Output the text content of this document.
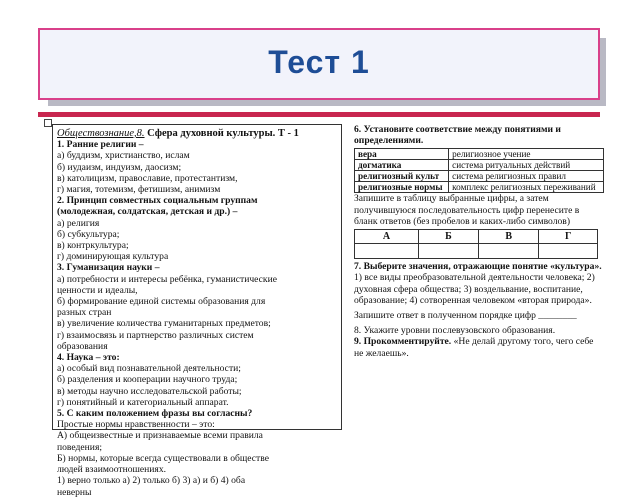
Тест 1
Обществознание,8. Сфера духовной культуры. Т - 1
1. Ранние религии –
а) буддизм, христианство, ислам
б) иудаизм, индуизм, даосизм;
в) католицизм, православие, протестантизм,
г) магия, тотемизм, фетишизм, анимизм
2. Принцип совместных социальным группам
(молодежная, солдатская, детская и др.) –
а) религия
б) субкультура;
в) контркультура;
г) доминирующая культура
3. Гуманизация науки –
а) потребности и интересы ребёнка, гуманистические
ценности и идеалы,
б) формирование единой системы образования для
разных стран
в) увеличение количества гуманитарных предметов;
г) взаимосвязь и партнерство различных систем
образования
4. Наука – это:
а) особый вид познавательной деятельности;
б) разделения и кооперации научного труда;
в) методы научно исследовательской работы;
г) понятийный и категориальный аппарат.
5. С каким положением фразы вы согласны?
Простые нормы нравственности – это:
А) общеизвестные и признаваемые всеми правила
поведения;
Б) нормы, которые всегда существовали в обществе
людей взаимоотношениях.
1) верно только а) 2) только б) 3) а) и б) 4) оба
неверны
6. Установите соответствие между понятиями и определениями.
вера	религиозное учение
догматика	система ритуальных действий
религиозный культ	система религиозных правил
религиозные нормы	комплекс религиозных переживаний
Запишите в таблицу выбранные цифры, а затем получившуюся последовательность цифр перенесите в бланк ответов (без пробелов и каких-либо символов)
А	Б	В	Г

7. Выберите значения, отражающие понятие «культура».
1) все виды преобразовательной деятельности человека; 2) духовная сфера общества; 3) воздельвание, воспитание, образование; 4) сотворенная человеком «вторая природа».
Запишите ответ в полученном порядке цифр ________
8. Укажите уровни послевузовского образования.
9. Прокомментируйте. «Не делай другому того, чего себе не желаешь».
